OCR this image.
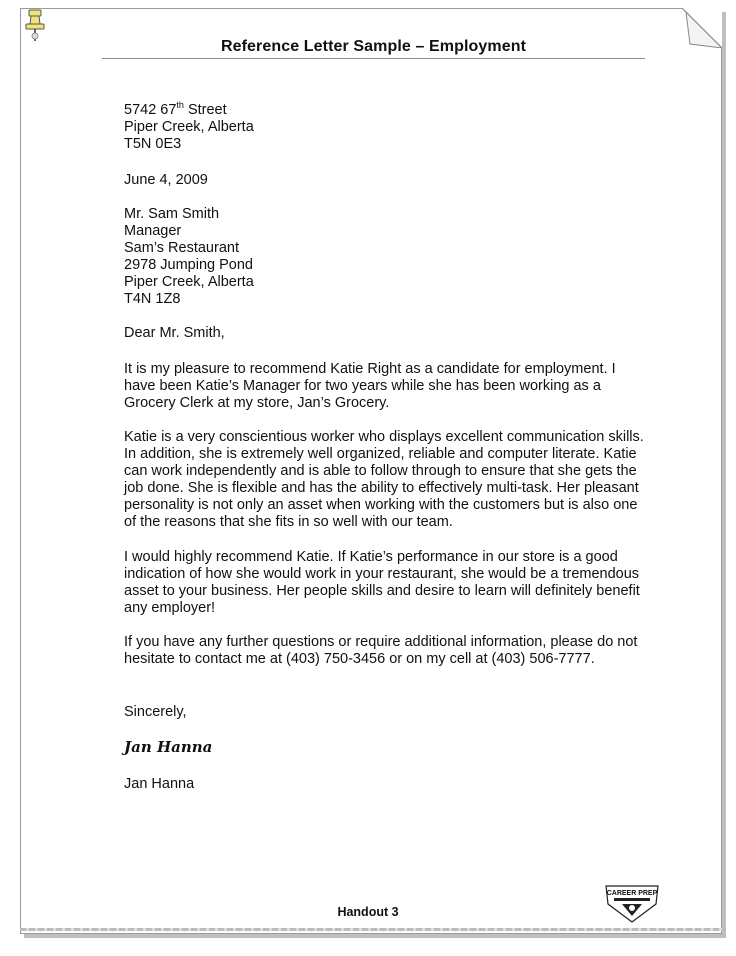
Reference Letter Sample – Employment
5742 67th Street
Piper Creek, Alberta
T5N 0E3
June 4, 2009
Mr. Sam Smith
Manager
Sam’s Restaurant
2978 Jumping Pond
Piper Creek, Alberta
T4N 1Z8
Dear Mr. Smith,
It is my pleasure to recommend Katie Right as a candidate for employment. I
have been Katie’s Manager for two years while she has been working as a
Grocery Clerk at my store, Jan’s Grocery.
Katie is a very conscientious worker who displays excellent communication skills.
In addition, she is extremely well organized, reliable and computer literate. Katie
can work independently and is able to follow through to ensure that she gets the
job done. She is flexible and has the ability to effectively multi-task. Her pleasant
personality is not only an asset when working with the customers but is also one
of the reasons that she fits in so well with our team.
I would highly recommend Katie. If Katie’s performance in our store is a good
indication of how she would work in your restaurant, she would be a tremendous
asset to your business. Her people skills and desire to learn will definitely benefit
any employer!
If you have any further questions or require additional information, please do not
hesitate to contact me at (403) 750-3456 or on my cell at (403) 506-7777.
Sincerely,
Jan Hanna
Jan Hanna
CAREER PREP
Handout 3
